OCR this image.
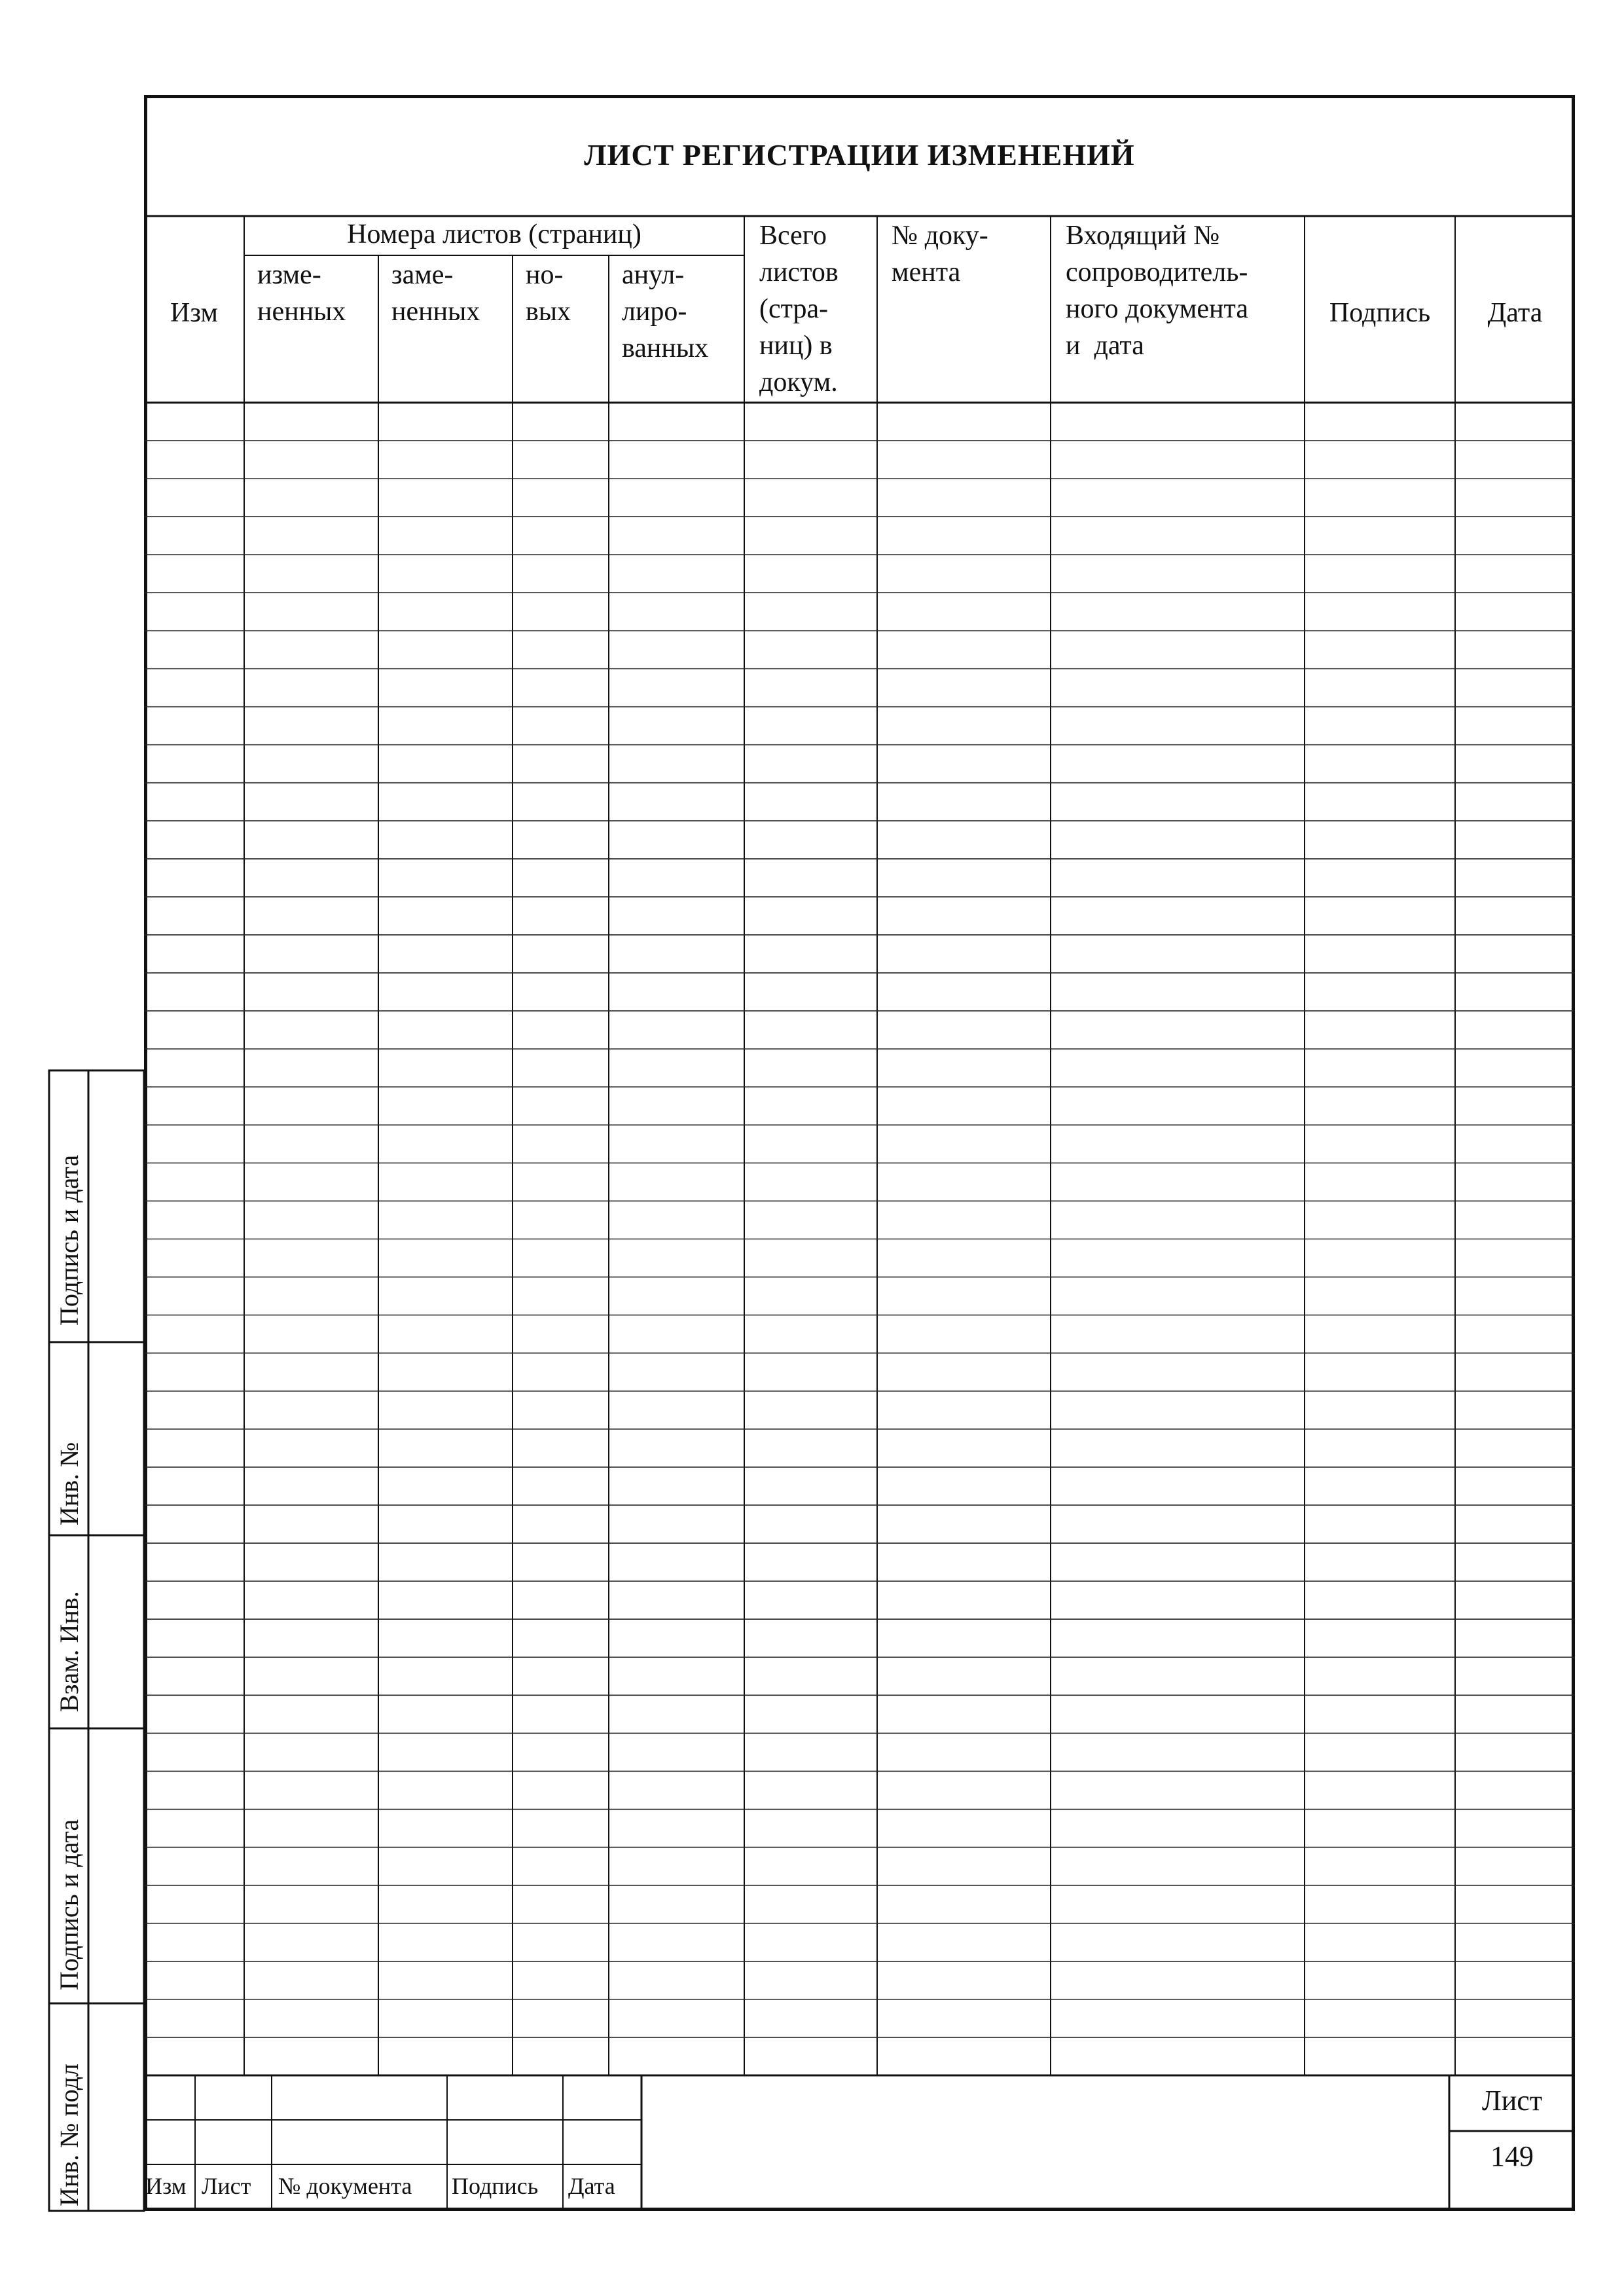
ЛИСТ РЕГИСТРАЦИИ ИЗМЕНЕНИЙ
Изм
Номера листов (страниц)
изме-
ненных
заме-
ненных
но-
вых
анул-
лиро-
ванных
Всего
листов
(стра-
ниц) в
докум.
№ доку-
мента
Входящий №
сопроводитель-
ного документа
и  дата
Подпись	Дата
Подпись и дата
Инв. №
Взам. Инв.
Подпись и дата
Инв. № подл	Изм Лист № документа Подпись Дата
Лист
149
